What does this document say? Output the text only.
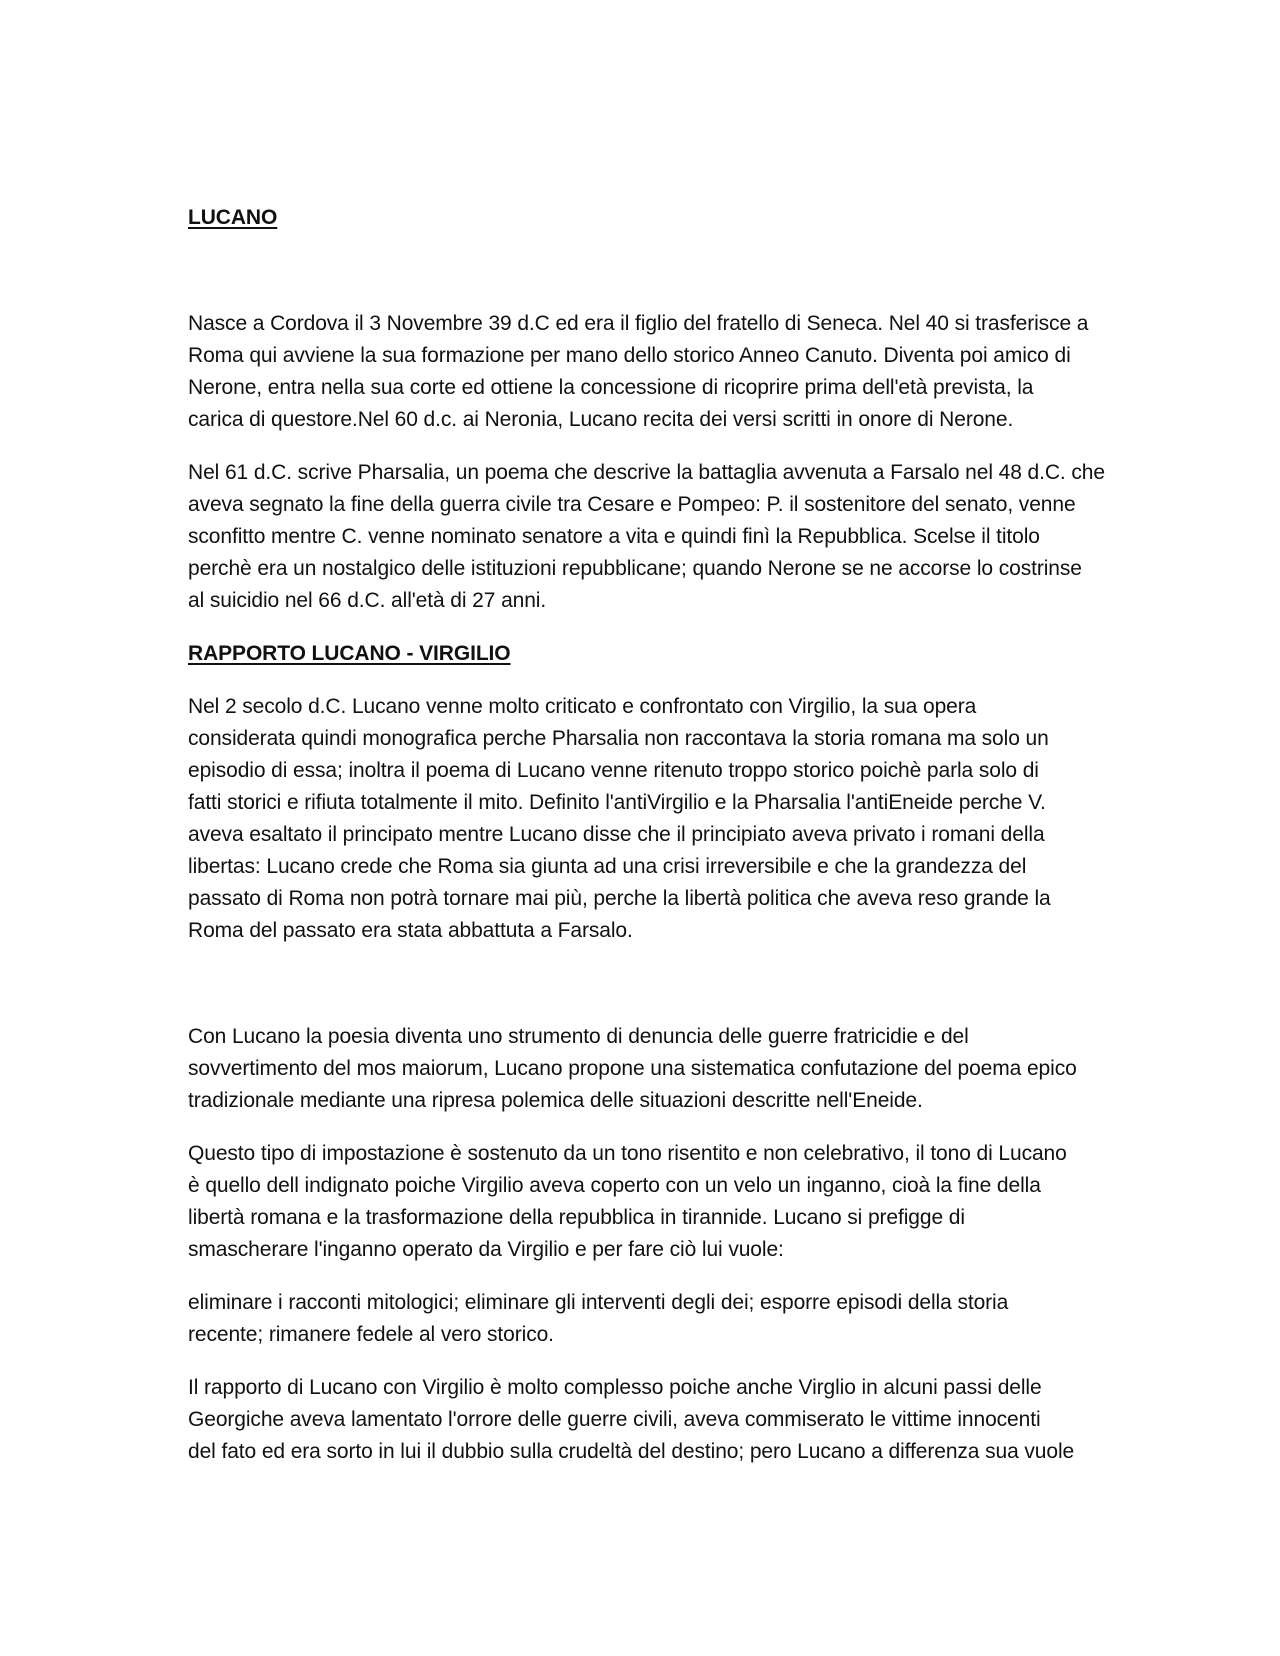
LUCANO

Nasce a Cordova il 3 Novembre 39 d.C ed era il figlio del fratello di Seneca. Nel 40 si trasferisce a

Roma qui avviene la sua formazione per mano dello storico Anneo Canuto. Diventa poi amico di

Nerone, entra nella sua corte ed ottiene la concessione di ricoprire prima dell'età prevista, la

carica di questore.Nel 60 d.c. ai Neronia, Lucano recita dei versi scritti in onore di Nerone.

Nel 61 d.C. scrive Pharsalia, un poema che descrive la battaglia avvenuta a Farsalo nel 48 d.C. che

aveva segnato la fine della guerra civile tra Cesare e Pompeo: P. il sostenitore del senato, venne

sconfitto mentre C. venne nominato senatore a vita e quindi finì la Repubblica. Scelse il titolo

perchè era un nostalgico delle istituzioni repubblicane; quando Nerone se ne accorse lo costrinse

al suicidio nel 66 d.C. all'età di 27 anni.

RAPPORTO LUCANO - VIRGILIO

Nel 2 secolo d.C. Lucano venne molto criticato e confrontato con Virgilio, la sua opera

considerata quindi monografica perche Pharsalia non raccontava la storia romana ma solo un

episodio di essa; inoltra il poema di Lucano venne ritenuto troppo storico poichè parla solo di

fatti storici e rifiuta totalmente il mito. Definito l'antiVirgilio e la Pharsalia l'antiEneide perche V.

aveva esaltato il principato mentre Lucano disse che il principiato aveva privato i romani della

libertas: Lucano crede che Roma sia giunta ad una crisi irreversibile e che la grandezza del

passato di Roma non potrà tornare mai più, perche la libertà politica che aveva reso grande la

Roma del passato era stata abbattuta a Farsalo.

Con Lucano la poesia diventa uno strumento di denuncia delle guerre fratricidie e del

sovvertimento del mos maiorum, Lucano propone una sistematica confutazione del poema epico

tradizionale mediante una ripresa polemica delle situazioni descritte nell'Eneide.

Questo tipo di impostazione è sostenuto da un tono risentito e non celebrativo, il tono di Lucano

è quello dell indignato poiche Virgilio aveva coperto con un velo un inganno, cioà la fine della

libertà romana e la trasformazione della repubblica in tirannide. Lucano si prefigge di

smascherare l'inganno operato da Virgilio e per fare ciò lui vuole:

eliminare i racconti mitologici; eliminare gli interventi degli dei; esporre episodi della storia

recente; rimanere fedele al vero storico.

Il rapporto di Lucano con Virgilio è molto complesso poiche anche Virglio in alcuni passi delle

Georgiche aveva lamentato l'orrore delle guerre civili, aveva commiserato le vittime innocenti

del fato ed era sorto in lui il dubbio sulla crudeltà del destino; pero Lucano a differenza sua vuole
